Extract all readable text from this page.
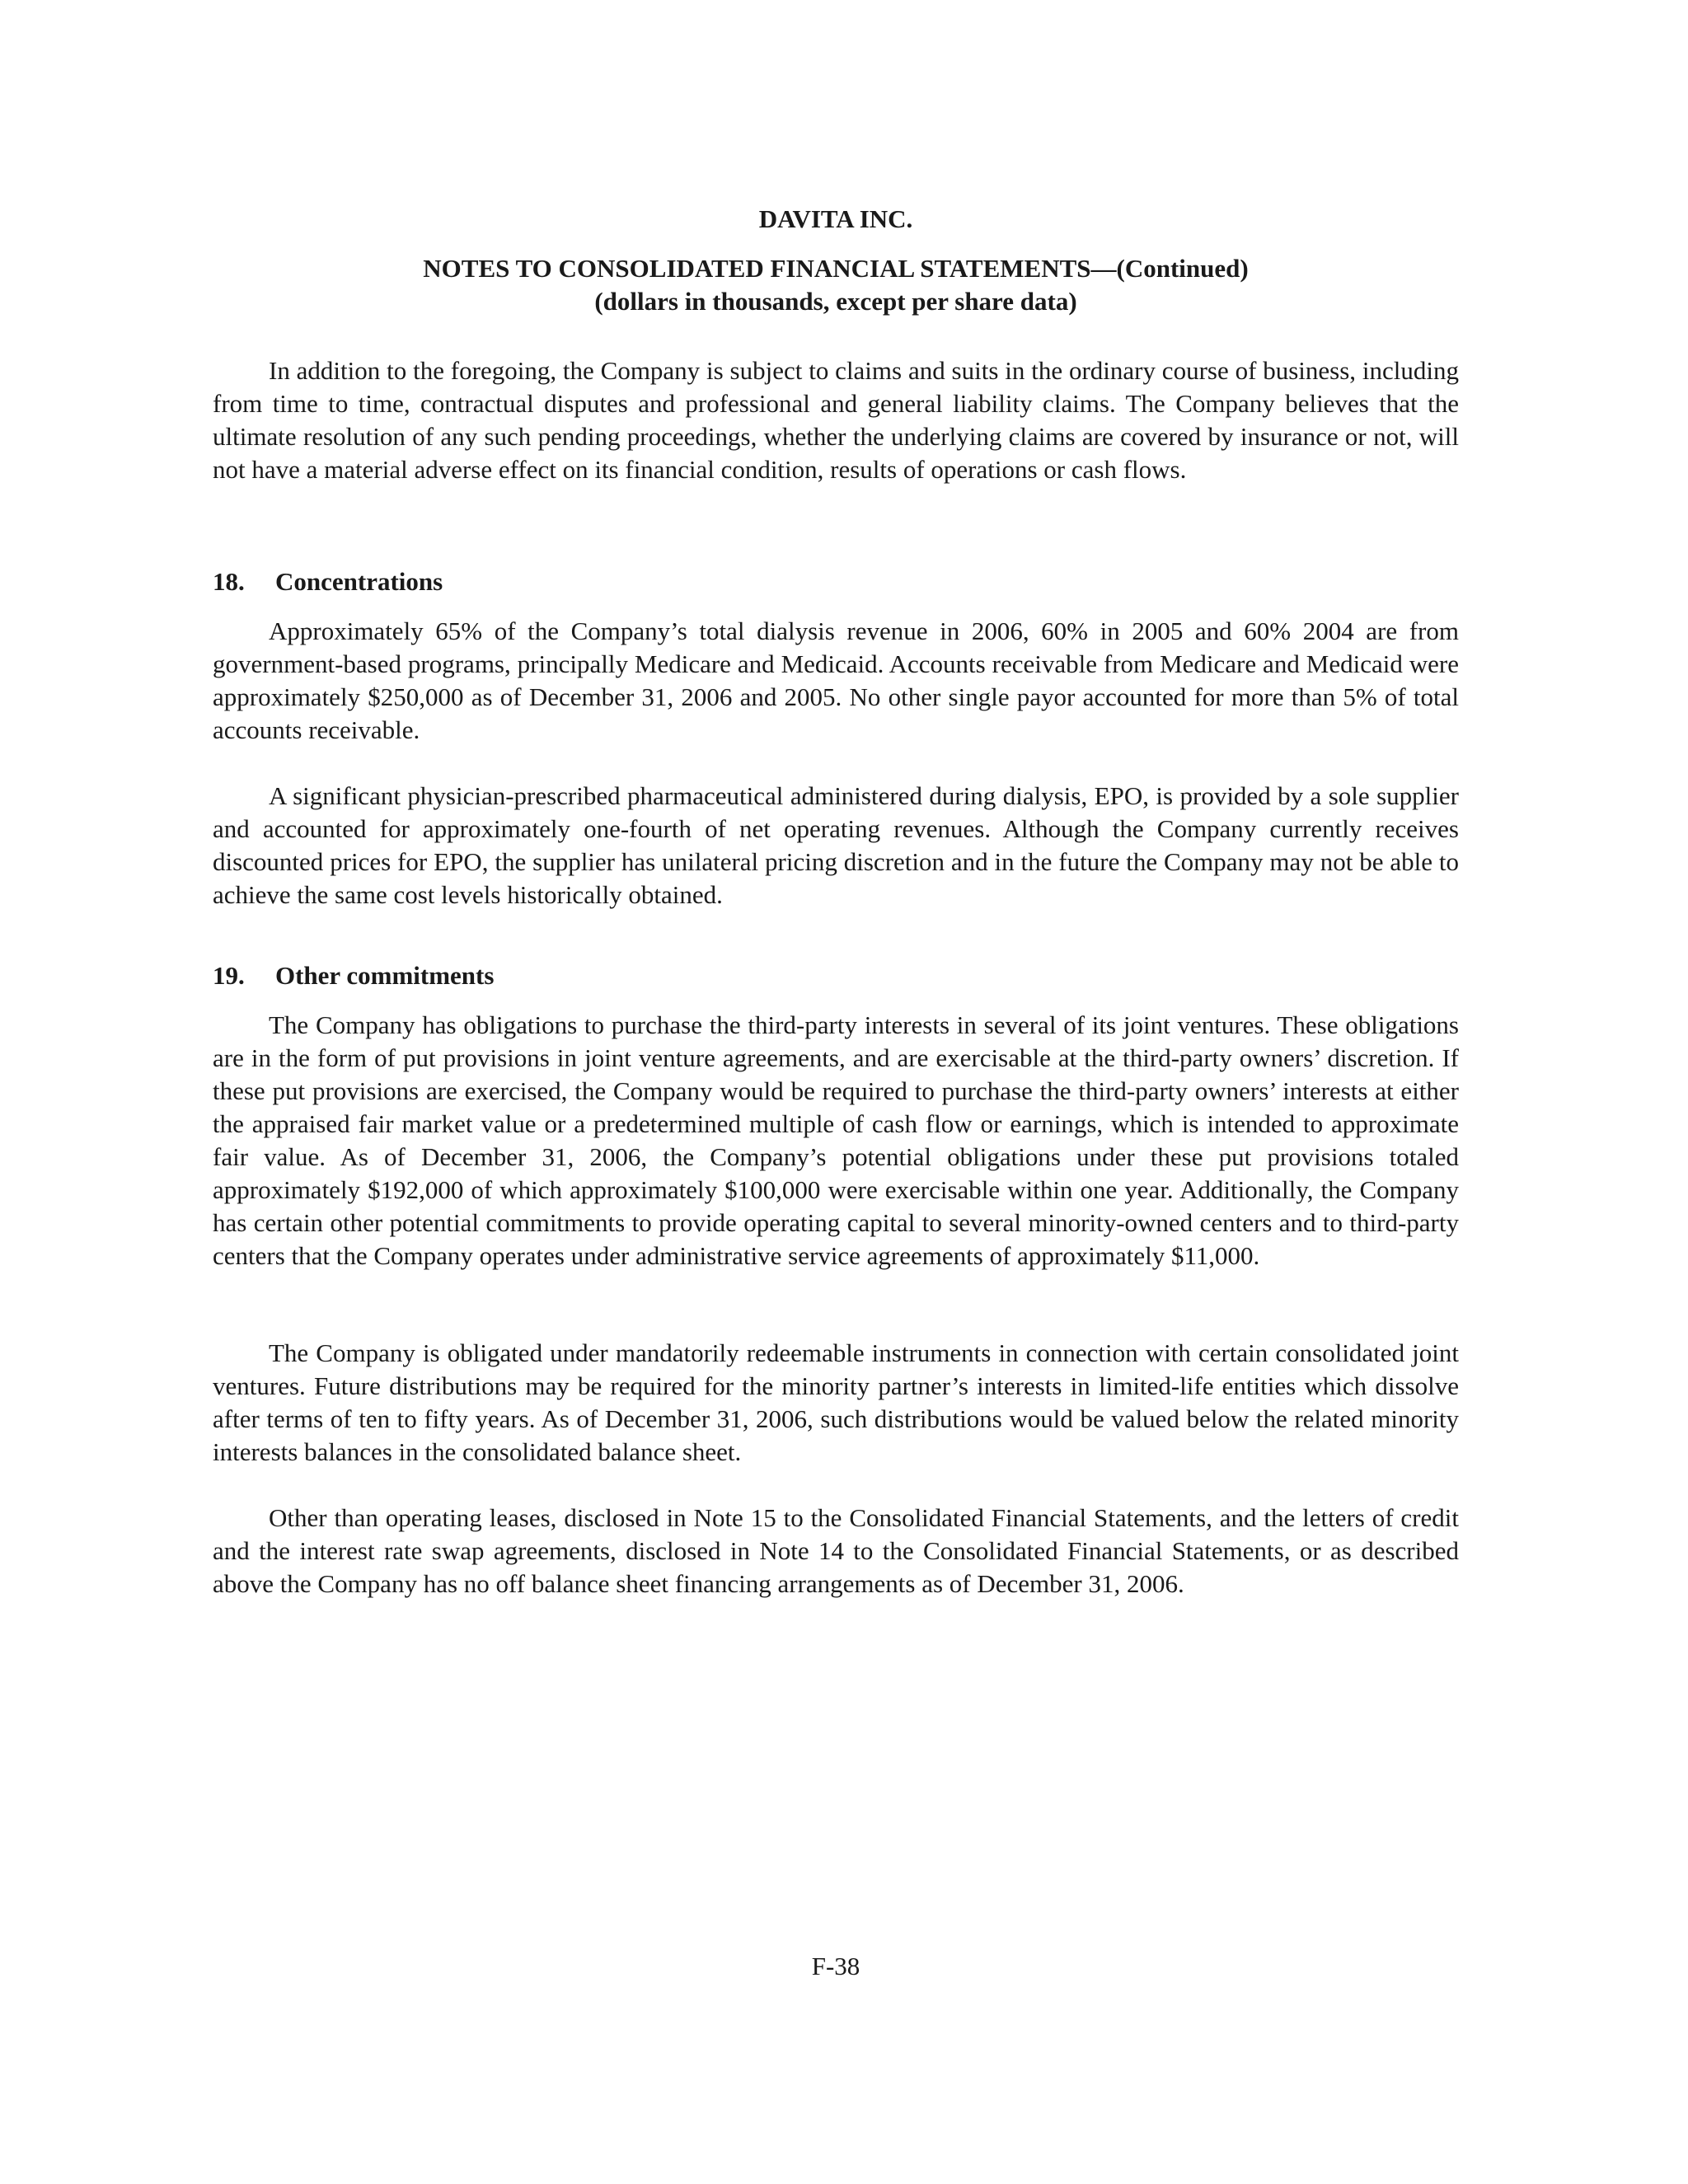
DAVITA INC.
NOTES TO CONSOLIDATED FINANCIAL STATEMENTS—(Continued)
(dollars in thousands, except per share data)

In addition to the foregoing, the Company is subject to claims and suits in the ordinary course of business, including from time to time, contractual disputes and professional and general liability claims. The Company believes that the ultimate resolution of any such pending proceedings, whether the underlying claims are covered by insurance or not, will not have a material adverse effect on its financial condition, results of operations or cash flows.

18. Concentrations

Approximately 65% of the Company’s total dialysis revenue in 2006, 60% in 2005 and 60% 2004 are from government-based programs, principally Medicare and Medicaid. Accounts receivable from Medicare and Medicaid were approximately $250,000 as of December 31, 2006 and 2005. No other single payor accounted for more than 5% of total accounts receivable.

A significant physician-prescribed pharmaceutical administered during dialysis, EPO, is provided by a sole supplier and accounted for approximately one-fourth of net operating revenues. Although the Company currently receives discounted prices for EPO, the supplier has unilateral pricing discretion and in the future the Company may not be able to achieve the same cost levels historically obtained.

19. Other commitments

The Company has obligations to purchase the third-party interests in several of its joint ventures. These obligations are in the form of put provisions in joint venture agreements, and are exercisable at the third-party owners’ discretion. If these put provisions are exercised, the Company would be required to purchase the third-party owners’ interests at either the appraised fair market value or a predetermined multiple of cash flow or earnings, which is intended to approximate fair value. As of December 31, 2006, the Company’s potential obligations under these put provisions totaled approximately $192,000 of which approximately $100,000 were exercisable within one year. Additionally, the Company has certain other potential commitments to provide operating capital to several minority-owned centers and to third-party centers that the Company operates under administrative service agreements of approximately $11,000.

The Company is obligated under mandatorily redeemable instruments in connection with certain consolidated joint ventures. Future distributions may be required for the minority partner’s interests in limited-life entities which dissolve after terms of ten to fifty years. As of December 31, 2006, such distributions would be valued below the related minority interests balances in the consolidated balance sheet.

Other than operating leases, disclosed in Note 15 to the Consolidated Financial Statements, and the letters of credit and the interest rate swap agreements, disclosed in Note 14 to the Consolidated Financial Statements, or as described above the Company has no off balance sheet financing arrangements as of December 31, 2006.

F-38
